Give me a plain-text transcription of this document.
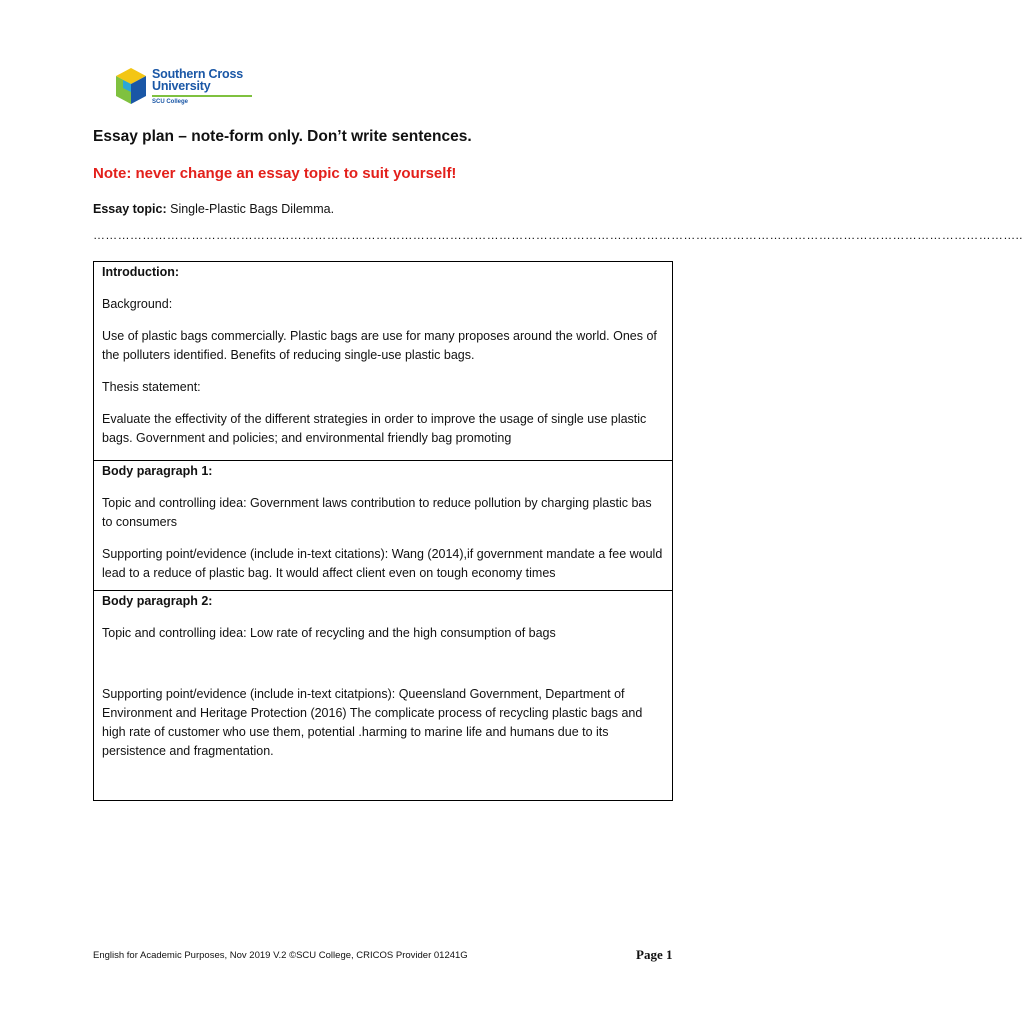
Southern Cross
University
SCU College
Essay plan – note-form only. Don’t write sentences.
Note: never change an essay topic to suit yourself!
Essay topic: Single-Plastic Bags Dilemma.
………………………………………………………………………………………………………………………………………………………………………………………………………..

Introduction:

Background:

Use of plastic bags commercially. Plastic bags are use for many proposes around the world. Ones of the polluters identified. Benefits of reducing single-use plastic bags.

Thesis statement:

Evaluate the effectivity of the different strategies in order to improve the usage of single use plastic bags. Government and policies; and environmental friendly bag promoting

Body paragraph 1:

Topic and controlling idea: Government laws contribution to reduce pollution by charging plastic bas to consumers

Supporting point/evidence (include in-text citations): Wang (2014),if government mandate a fee would lead to a reduce of plastic bag. It would affect client even on tough economy times

Body paragraph 2:

Topic and controlling idea: Low rate of recycling and the high consumption of bags

Supporting point/evidence (include in-text citatpions): Queensland Government, Department of Environment and Heritage Protection (2016) The complicate process of recycling plastic bags and high rate of customer who use them, potential .harming to marine life and humans due to its persistence and fragmentation.

English for Academic Purposes, Nov 2019 V.2 ©SCU College, CRICOS Provider 01241G	Page 1
